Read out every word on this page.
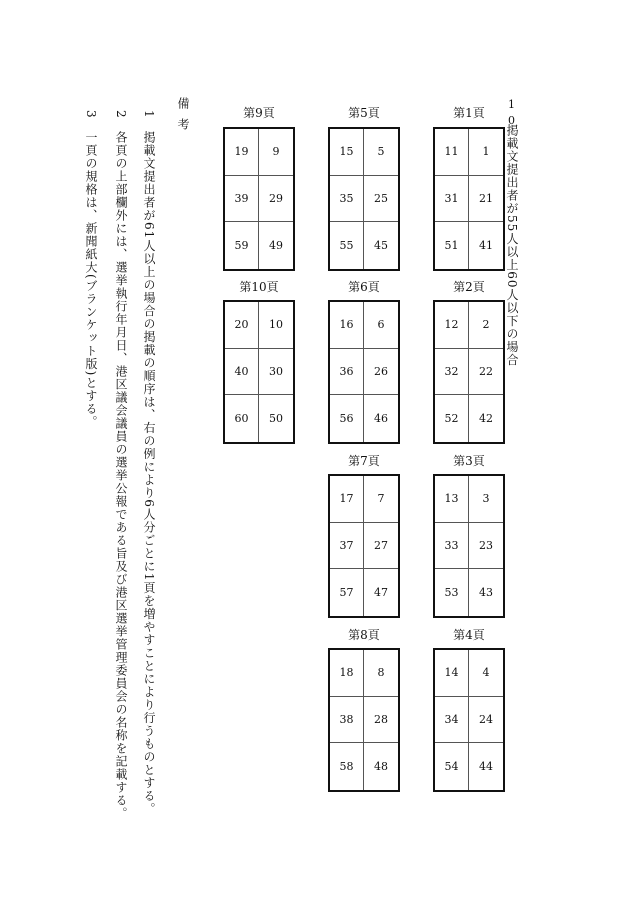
10
掲載文提出者が55人以上60人以下の場合
備
考
1
掲載文提出者が61人以上の場合の掲載の順序は、右の例により6人分ごとに1頁を増やすことにより行うものとする。
2
各頁の上部欄外には、選挙執行年月日、港区議会議員の選挙公報である旨及び港区選挙管理委員会の名称を記載する。
3
一頁の規格は、新聞紙大(ブランケット版)とする。
第1頁
11	1
31	21
51	41
第2頁
12	2
32	22
52	42
第3頁
13	3
33	23
53	43
第4頁
14	4
34	24
54	44
第5頁
15	5
35	25
55	45
第6頁
16	6
36	26
56	46
第7頁
17	7
37	27
57	47
第8頁
18	8
38	28
58	48
第9頁
19	9
39	29
59	49
第10頁
20	10
40	30
60	50
